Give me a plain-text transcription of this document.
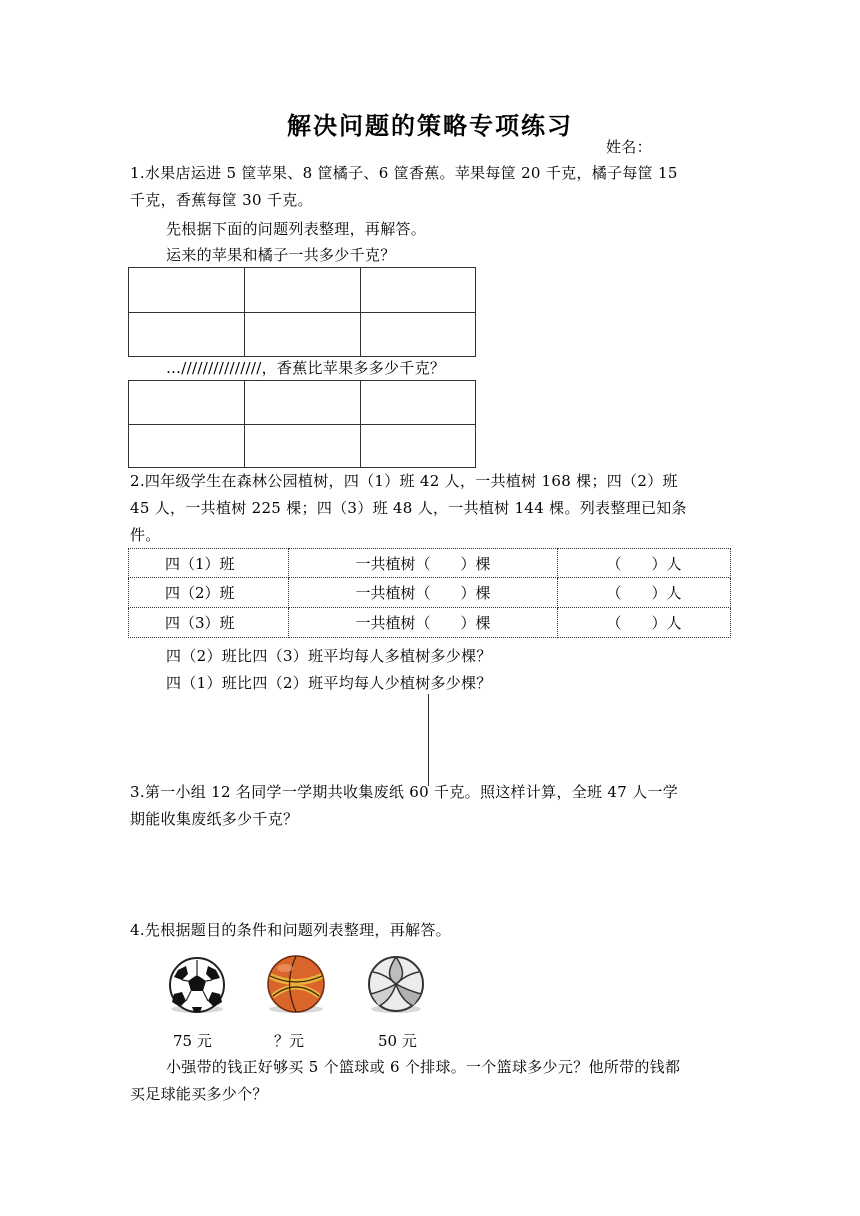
解决问题的策略专项练习
姓名：
1.水果店运进 5 筐苹果、8 筐橘子、6 筐香蕉。苹果每筐 20 千克，橘子每筐 15
千克，香蕉每筐 30 千克。
先根据下面的问题列表整理，再解答。
运来的苹果和橘子一共多少千克？

…///////////////，香蕉比苹果多多少千克？

2.四年级学生在森林公园植树，四（1）班 42 人，一共植树 168 棵；四（2）班
45 人，一共植树 225 棵；四（3）班 48 人，一共植树 144 棵。列表整理已知条
件。
四（1）班	一共植树（　　）棵	（　　）人
四（2）班	一共植树（　　）棵	（　　）人
四（3）班	一共植树（　　）棵	（　　）人
四（2）班比四（3）班平均每人多植树多少棵？
四（1）班比四（2）班平均每人少植树多少棵？
3.第一小组 12 名同学一学期共收集废纸 60 千克。照这样计算，全班 47 人一学
期能收集废纸多少千克？
4.先根据题目的条件和问题列表整理，再解答。
75 元	？元	50 元
小强带的钱正好够买 5 个篮球或 6 个排球。一个篮球多少元？他所带的钱都
买足球能买多少个？
